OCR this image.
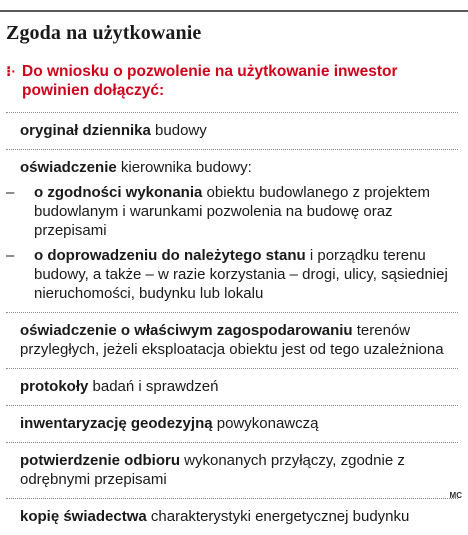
Zgoda na użytkowanie
⁝· Do wniosku o pozwolenie na użytkowanie inwestor powinien dołączyć:
oryginał dziennika budowy
oświadczenie kierownika budowy:
–	o zgodności wykonania obiektu budowlanego z projektem budowlanym i warunkami pozwolenia na budowę oraz przepisami
–	o doprowadzeniu do należytego stanu i porządku terenu budowy, a także – w razie korzystania – drogi, ulicy, sąsiedniej nieruchomości, budynku lub lokalu
oświadczenie o właściwym zagospodarowaniu terenów przyległych, jeżeli eksploatacja obiektu jest od tego uzależniona
protokoły badań i sprawdzeń
inwentaryzację geodezyjną powykonawczą
potwierdzenie odbioru wykonanych przyłączy, zgodnie z odrębnymi przepisami
kopię świadectwa charakterystyki energetycznej budynku
MC
